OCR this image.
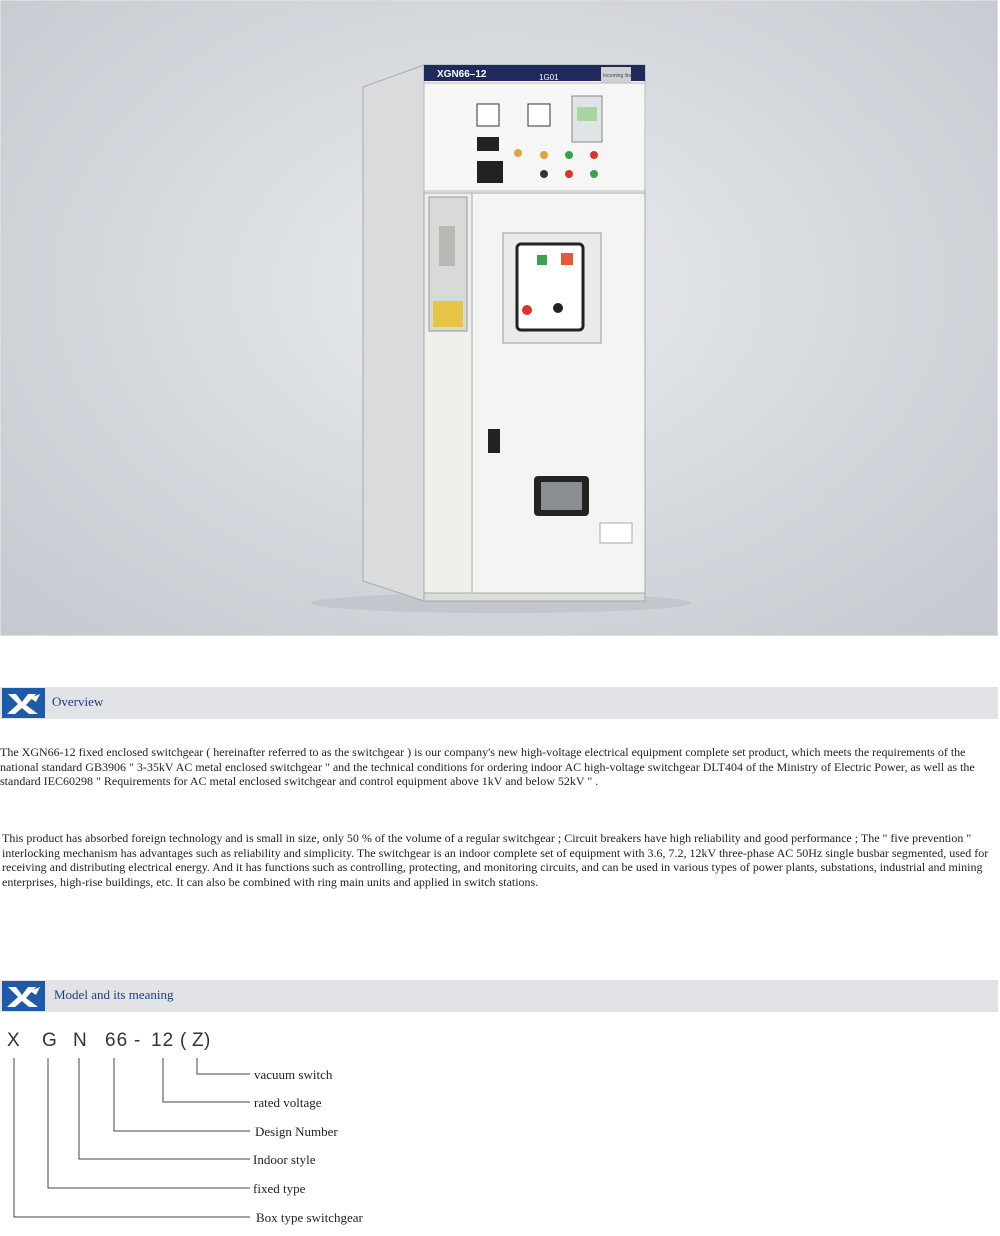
XGN66–12	1G01	Incoming line
Overview

The XGN66-12 fixed enclosed switchgear ( hereinafter referred to as the switchgear ) is our company's new high-voltage electrical equipment complete set product, which meets the requirements of the national standard GB3906 " 3-35kV AC metal enclosed switchgear " and the technical conditions for ordering indoor AC high-voltage switchgear DLT404 of the Ministry of Electric Power, as well as the standard IEC60298 " Requirements for AC metal enclosed switchgear and control equipment above 1kV and below 52kV " .

This product has absorbed foreign technology and is small in size, only 50 % of the volume of a regular switchgear ; Circuit breakers have high reliability and good performance ; The " five prevention " interlocking mechanism has advantages such as reliability and simplicity. The switchgear is an indoor complete set of equipment with 3.6, 7.2, 12kV three-phase AC 50Hz single busbar segmented, used for receiving and distributing electrical energy. And it has functions such as controlling, protecting, and monitoring circuits, and can be used in various types of power plants, substations, industrial and mining enterprises, high-rise buildings, etc. It can also be combined with ring main units and applied in switch stations.

Model and its meaning
X G N 66 - 12 ( Z )
vacuum switch
rated voltage
Design Number
Indoor style
fixed type
Box type switchgear
